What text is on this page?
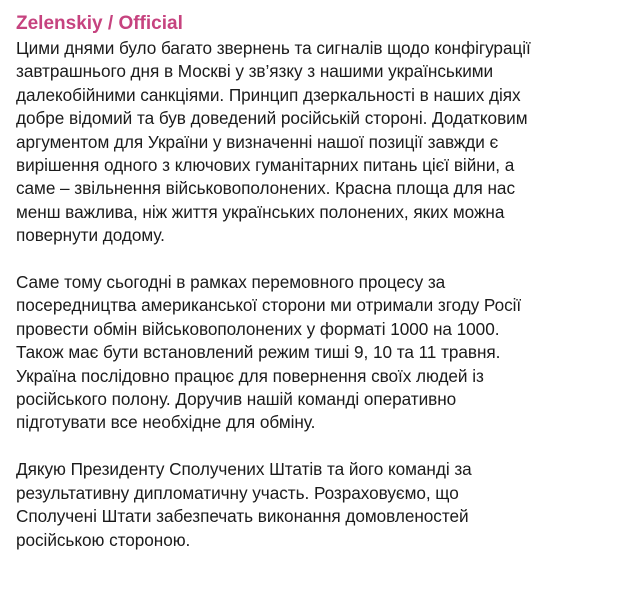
Zelenskiy / Official

Цими днями було багато звернень та сигналів щодо конфігурації
завтрашнього дня в Москві у зв’язку з нашими українськими
далекобійними санкціями. Принцип дзеркальності в наших діях
добре відомий та був доведений російській стороні. Додатковим
аргументом для України у визначенні нашої позиції завжди є
вирішення одного з ключових гуманітарних питань цієї війни, а
саме – звільнення військовополонених. Красна площа для нас
менш важлива, ніж життя українських полонених, яких можна
повернути додому.

Саме тому сьогодні в рамках перемовного процесу за
посередництва американської сторони ми отримали згоду Росії
провести обмін військовополонених у форматі 1000 на 1000.
Також має бути встановлений режим тиші 9, 10 та 11 травня.
Україна послідовно працює для повернення своїх людей із
російського полону. Доручив нашій команді оперативно
підготувати все необхідне для обміну.

Дякую Президенту Сполучених Штатів та його команді за
результативну дипломатичну участь. Розраховуємо, що
Сполучені Штати забезпечать виконання домовленостей
російською стороною.
